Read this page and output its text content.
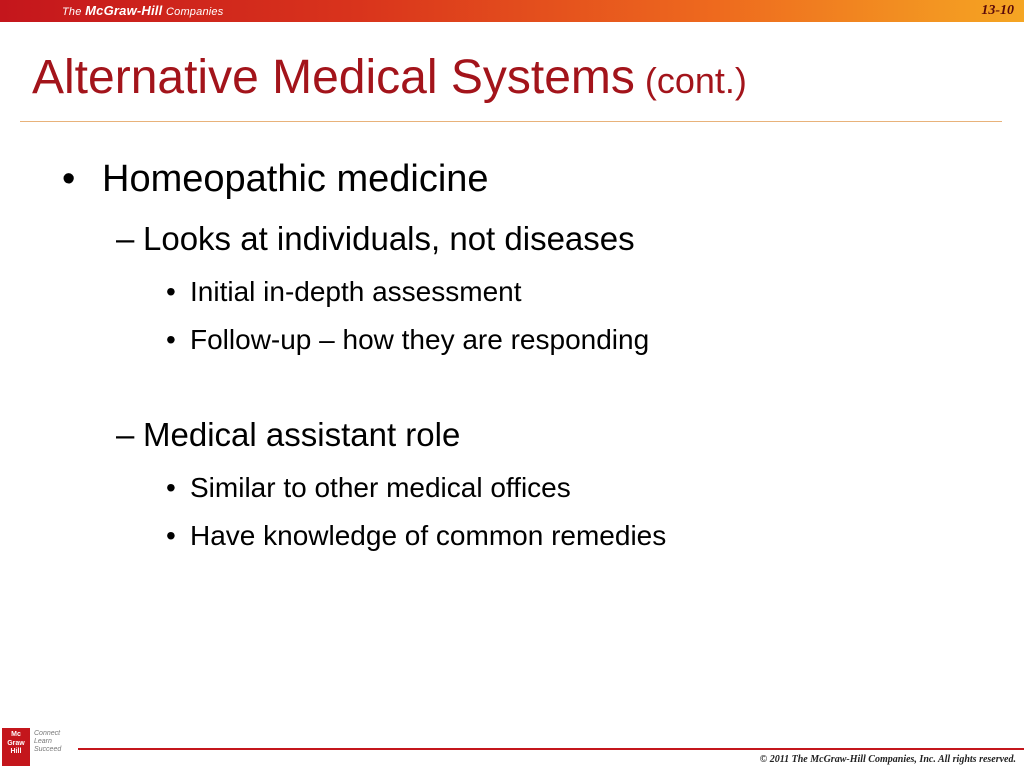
The McGraw-Hill Companies	13-10
Alternative Medical Systems (cont.)
• Homeopathic medicine
– Looks at individuals, not diseases
• Initial in-depth assessment
• Follow-up – how they are responding
– Medical assistant role
• Similar to other medical offices
• Have knowledge of common remedies
Mc
Graw
Hill
Connect
Learn
Succeed
© 2011 The McGraw-Hill Companies, Inc. All rights reserved.
